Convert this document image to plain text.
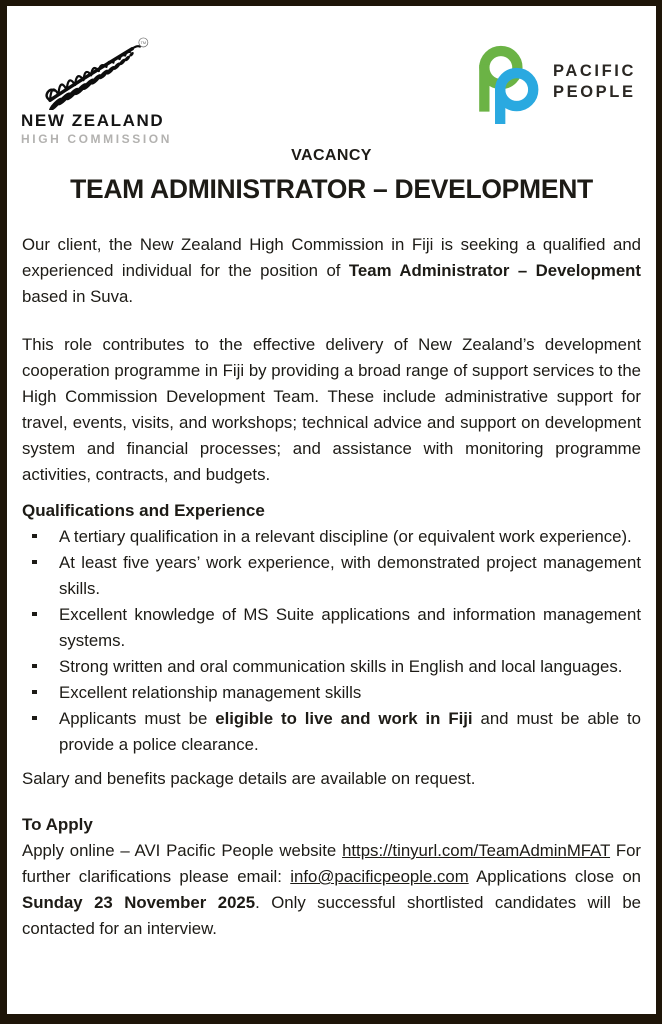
TM
NEW ZEALAND
HIGH COMMISSION
PACIFIC
PEOPLE
VACANCY
TEAM ADMINISTRATOR – DEVELOPMENT

Our client, the New Zealand High Commission in Fiji is seeking a qualified and experienced individual for the position of Team Administrator – Development based in Suva.

This role contributes to the effective delivery of New Zealand’s development cooperation programme in Fiji by providing a broad range of support services to the High Commission Development Team. These include administrative support for travel, events, visits, and workshops; technical advice and support on development system and financial processes; and assistance with monitoring programme activities, contracts, and budgets.

Qualifications and Experience

A tertiary qualification in a relevant discipline (or equivalent work experience).
At least five years’ work experience, with demonstrated project management skills.
Excellent knowledge of MS Suite applications and information management systems.
Strong written and oral communication skills in English and local languages.
Excellent relationship management skills
Applicants must be eligible to live and work in Fiji and must be able to provide a police clearance.

Salary and benefits package details are available on request.

To Apply

Apply online – AVI Pacific People website https://tinyurl.com/TeamAdminMFAT For further clarifications please email: info@pacificpeople.com Applications close on Sunday 23 November 2025. Only successful shortlisted candidates will be contacted for an interview.
